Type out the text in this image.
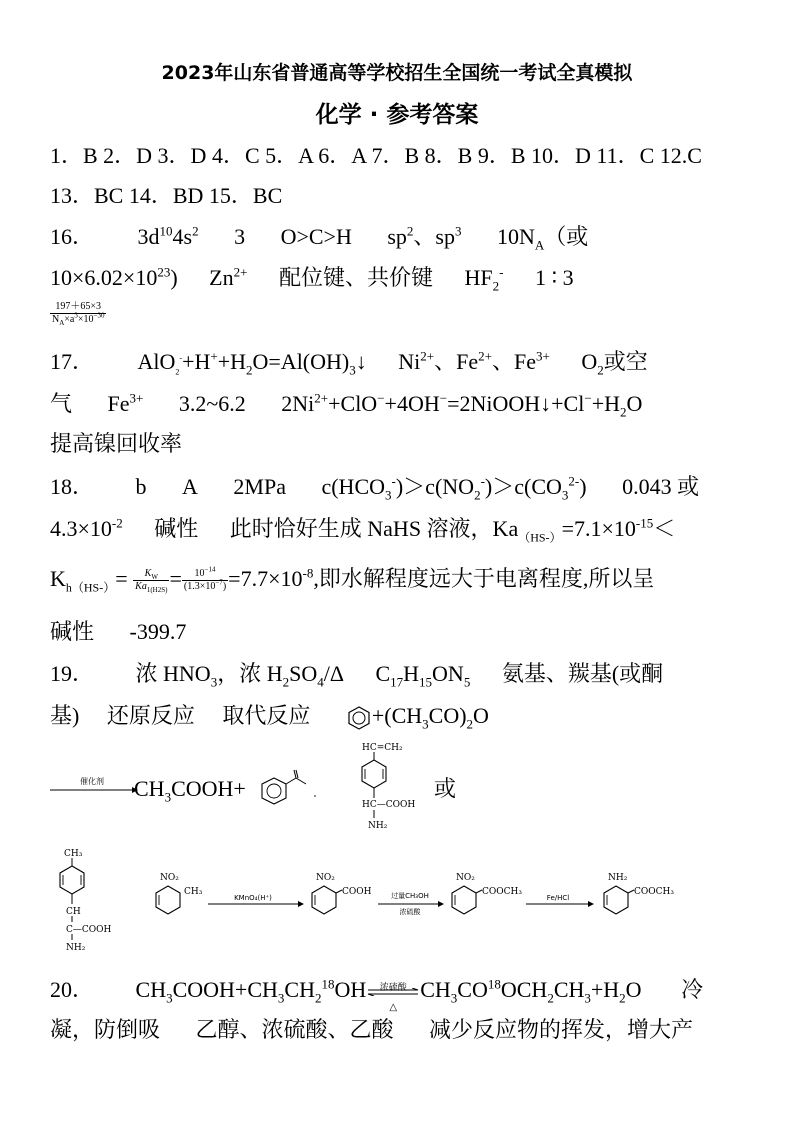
2023年山东省普通高等学校招生全国统一考试全真模拟
化学 · 参考答案
1．B 2．D 3．D 4．C 5．A 6．A 7．B 8．B 9．B 10．D 11．C 12.C
13．BC 14．BD 15．BC
16． $3d^{10}4s^2$ 3 O>C>H $sp^2$、$sp^3$ $10N_A$（或
$10\times 6.02\times 10^{23}$) $Zn^{2+}$ 配位键、共价键 $HF_2^-$ 1 ∶ 3
$\frac{197+65\times 3}{N_A\times a^3\times 10^{-30}}$
17． $AlO_2^-+H^++H_2O=Al(OH)_3↓$ $Ni^{2+}$、$Fe^{2+}$、$Fe^{3+}$ $O_2$或空
气 $Fe^{3+}$ 3.2~6.2 $2Ni^{2+}+ClO^-+4OH^-=2NiOOH↓+Cl^-+H_2O$
提高镍回收率
18． b A 2MPa $c(HCO_3^-)>c(NO_2^-)>c(CO_3^{2-})$ 0.043 或
$4.3\times 10^{-2}$ 碱性 此时恰好生成 NaHS 溶液，$Ka_{(HS-)}=7.1\times 10^{-15}<$
$K_{h(HS-)}= \frac{K_W}{Ka_{1(H2S)}} = \frac{10^{-14}}{(1.3\times 10^{-7})} =7.7\times 10^{-8}$,即水解程度远大于电离程度,所以呈
碱性 -399.7
19． 浓 $HNO_3$，浓 $H_2SO_4/\Delta$ $C_{17}H_{15}ON_5$ 氨基、羰基(或酮
基) 还原反应 取代反应	$+(CH_3CO)_2O$
催化剂 $CH_3COOH+$
HC=CH₂
HC—COOH
NH₂
或
CH₃
CH
C—COOH
NH₂
NO₂
CH₃
KMnO₄(H⁺)
NO₂
COOH	过量CH₃OH
浓硫酸
NO₂
COOCH₃
Fe/HCl
NH₂
COOCH₃
20． $CH_3COOH+CH_3CH_2^{18}OH$	浓硫酸
△
$CH_3CO^{18}OCH_2CH_3+H_2O$ 冷
凝，防倒吸 乙醇、浓硫酸、乙酸 减少反应物的挥发，增大产
